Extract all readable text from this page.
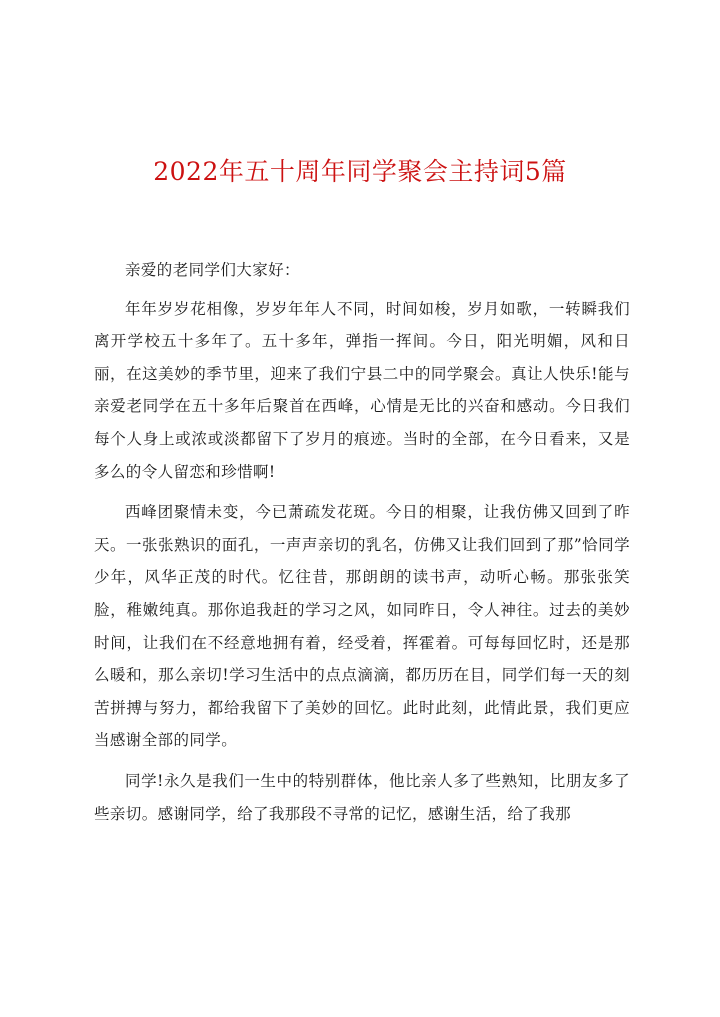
2022年五十周年同学聚会主持词5篇

亲爱的老同学们大家好：

年年岁岁花相像，岁岁年年人不同，时间如梭，岁月如歌，一转瞬我们离开学校五十多年了。五十多年，弹指一挥间。今日，阳光明媚，风和日丽，在这美妙的季节里，迎来了我们宁县二中的同学聚会。真让人快乐!能与亲爱老同学在五十多年后聚首在西峰，心情是无比的兴奋和感动。今日我们每个人身上或浓或淡都留下了岁月的痕迹。当时的全部，在今日看来，又是多么的令人留恋和珍惜啊!

西峰团聚情未变，今已萧疏发花斑。今日的相聚，让我仿佛又回到了昨天。一张张熟识的面孔，一声声亲切的乳名，仿佛又让我们回到了那”恰同学少年，风华正茂的时代。忆往昔，那朗朗的读书声，动听心畅。那张张笑脸，稚嫩纯真。那你追我赶的学习之风，如同昨日，令人神往。过去的美妙时间，让我们在不经意地拥有着，经受着，挥霍着。可每每回忆时，还是那么暖和，那么亲切!学习生活中的点点滴滴，都历历在目，同学们每一天的刻苦拼搏与努力，都给我留下了美妙的回忆。此时此刻，此情此景，我们更应当感谢全部的同学。

同学!永久是我们一生中的特别群体，他比亲人多了些熟知，比朋友多了些亲切。感谢同学，给了我那段不寻常的记忆，感谢生活，给了我那
